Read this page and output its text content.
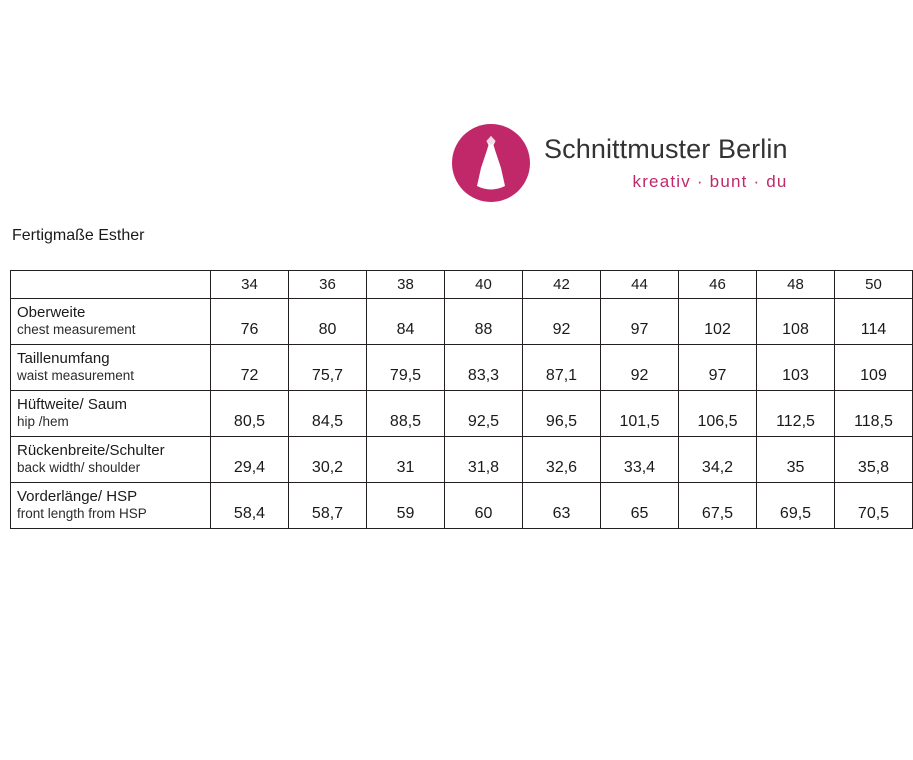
Schnittmuster Berlin
kreativ · bunt · du
Fertigmaße Esther
	34	36	38	40	42	44	46	48	50

Oberweite
chest measurement	76	80	84	88	92	97	102	108	114

Taillenumfang
waist measurement	72	75,7	79,5	83,3	87,1	92	97	103	109

Hüftweite/ Saum
hip /hem	80,5	84,5	88,5	92,5	96,5	101,5	106,5	112,5	118,5

Rückenbreite/Schulter
back width/ shoulder	29,4	30,2	31	31,8	32,6	33,4	34,2	35	35,8

Vorderlänge/ HSP
front length from HSP	58,4	58,7	59	60	63	65	67,5	69,5	70,5
